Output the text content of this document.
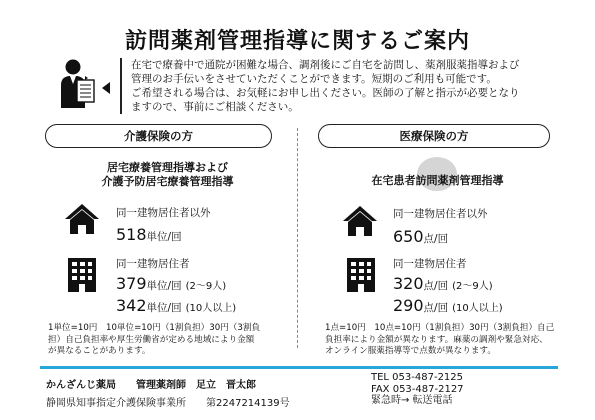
訪問薬剤管理指導に関するご案内

在宅で療養中で通院が困難な場合、調剤後にご自宅を訪問し、薬剤服薬指導および

管理のお手伝いをさせていただくことができます。短期のご利用も可能です。

ご希望される場合は、お気軽にお申し出ください。医師の了解と指示が必要となり

ますので、事前にご相談ください。

介護保険の方	医療保険の方
居宅療養管理指導および
介護予防居宅療養管理指導
同一建物居住者以外
518単位/回
同一建物居住者
379単位/回 (2～9人)
342単位/回 (10人以上)
1単位=10円　10単位=10円（1割負担）30円（3割負
担）自己負担率や厚生労働省が定める地域により金額
が異なることがあります。
在宅患者訪問薬剤管理指導
同一建物居住者以外
650点/回
同一建物居住者
320点/回 (2～9人)
290点/回 (10人以上)
1点=10円　10点=10円（1割負担）30円（3割負担）自己
負担率により金額が異なります。麻薬の調剤や緊急対応、
オンライン服薬指導等で点数が異なります。
かんざんじ薬局　　管理薬剤師　足立　晋太郎
静岡県知事指定介護保険事業所　　第2247214139号
TEL 053-487-2125
FAX 053-487-2127
緊急時→ 転送電話
